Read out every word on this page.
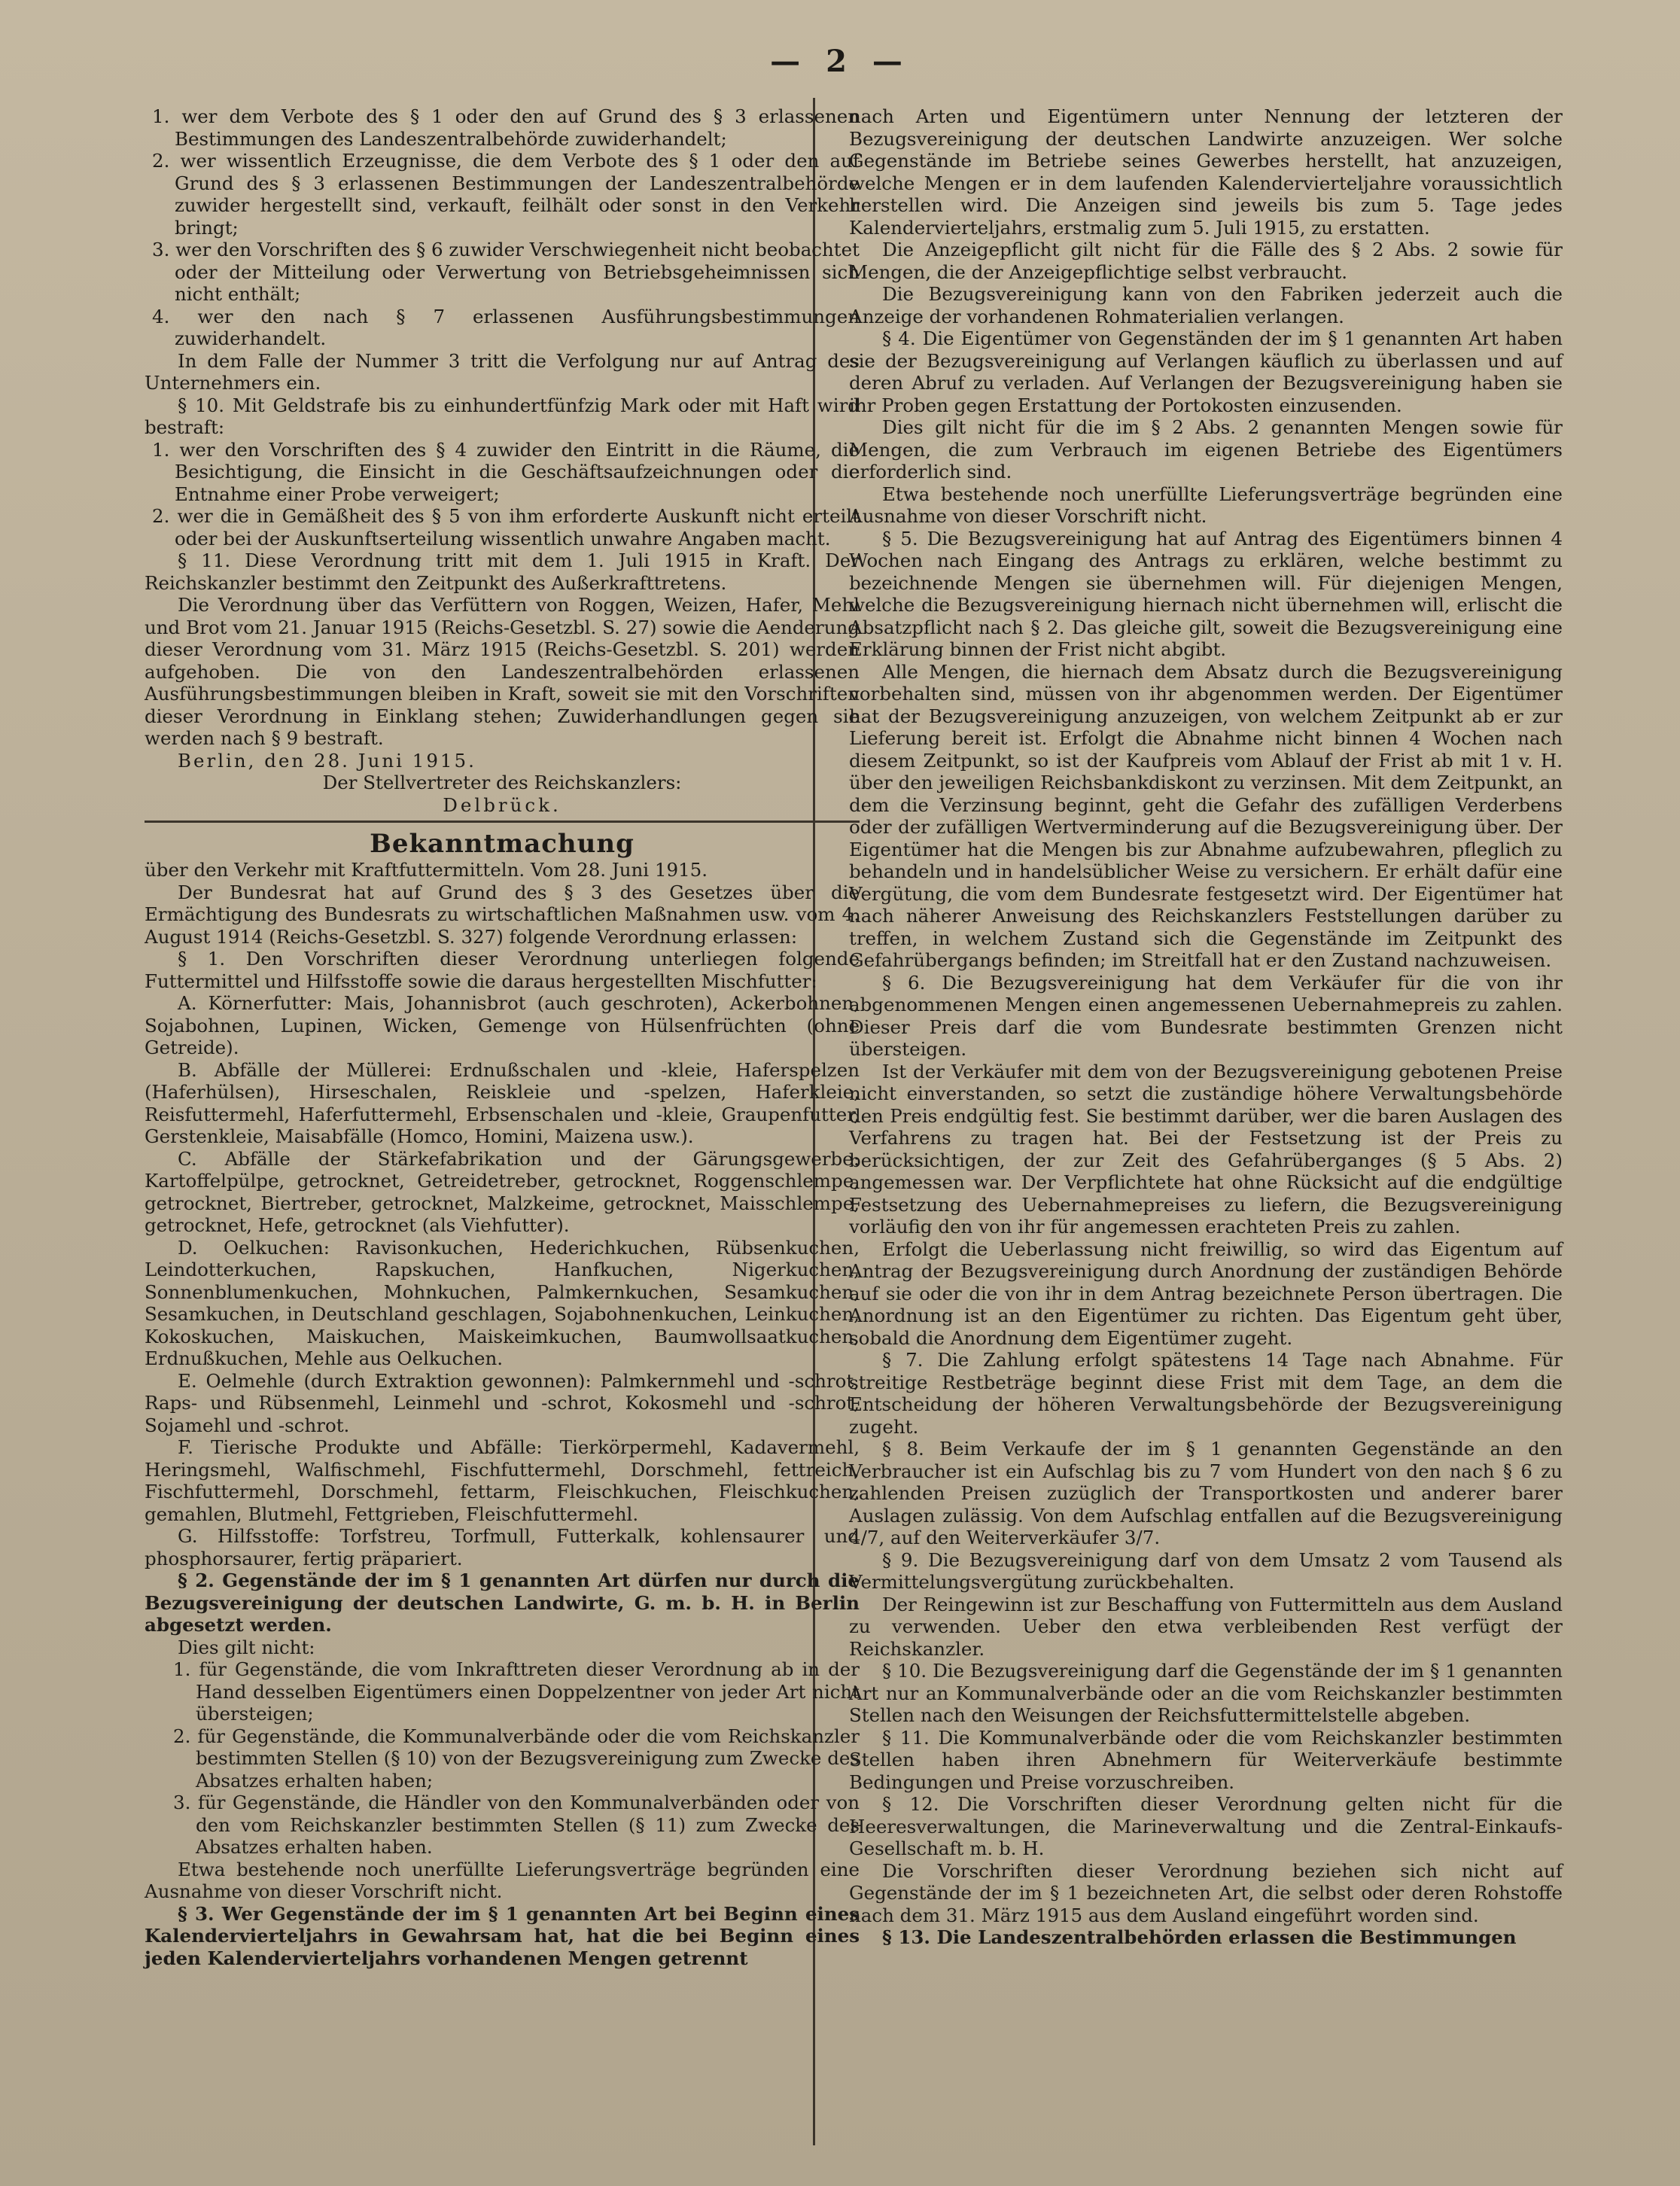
— 2 —

1. wer dem Verbote des § 1 oder den auf Grund des § 3 erlassenen Bestimmungen des Landeszentralbehörde zuwiderhandelt;

2. wer wissentlich Erzeugnisse, die dem Verbote des § 1 oder den auf Grund des § 3 erlassenen Bestimmungen der Landeszentralbehörde zuwider hergestellt sind, verkauft, feilhält oder sonst in den Verkehr bringt;

3. wer den Vorschriften des § 6 zuwider Verschwiegenheit nicht beobachtet oder der Mitteilung oder Verwertung von Betriebsgeheimnissen sich nicht enthält;

4. wer den nach § 7 erlassenen Ausführungsbestimmungen zuwiderhandelt.

In dem Falle der Nummer 3 tritt die Verfolgung nur auf Antrag des Unternehmers ein.

§ 10. Mit Geldstrafe bis zu einhundertfünfzig Mark oder mit Haft wird bestraft:

1. wer den Vorschriften des § 4 zuwider den Eintritt in die Räume, die Besichtigung, die Einsicht in die Geschäftsaufzeichnungen oder die Entnahme einer Probe verweigert;

2. wer die in Gemäßheit des § 5 von ihm erforderte Auskunft nicht erteilt oder bei der Auskunftserteilung wissentlich unwahre Angaben macht.

§ 11. Diese Verordnung tritt mit dem 1. Juli 1915 in Kraft. Der Reichskanzler bestimmt den Zeitpunkt des Außerkrafttretens.

Die Verordnung über das Verfüttern von Roggen, Weizen, Hafer, Mehl und Brot vom 21. Januar 1915 (Reichs-Gesetzbl. S. 27) sowie die Aenderung dieser Verordnung vom 31. März 1915 (Reichs-Gesetzbl. S. 201) werden aufgehoben. Die von den Landeszentralbehörden erlassenen Ausführungsbestimmungen bleiben in Kraft, soweit sie mit den Vorschriften dieser Verordnung in Einklang stehen; Zuwiderhandlungen gegen sie werden nach § 9 bestraft.

Berlin, den 28. Juni 1915.

Der Stellvertreter des Reichskanzlers:

Delbrück.

Bekanntmachung

über den Verkehr mit Kraftfuttermitteln. Vom 28. Juni 1915.

Der Bundesrat hat auf Grund des § 3 des Gesetzes über die Ermächtigung des Bundesrats zu wirtschaftlichen Maßnahmen usw. vom 4. August 1914 (Reichs-Gesetzbl. S. 327) folgende Verordnung erlassen:

§ 1. Den Vorschriften dieser Verordnung unterliegen folgende Futtermittel und Hilfsstoffe sowie die daraus hergestellten Mischfutter:

A. Körnerfutter: Mais, Johannisbrot (auch geschroten), Ackerbohnen, Sojabohnen, Lupinen, Wicken, Gemenge von Hülsenfrüchten (ohne Getreide).

B. Abfälle der Müllerei: Erdnußschalen und -kleie, Haferspelzen (Haferhülsen), Hirseschalen, Reiskleie und -spelzen, Haferkleie, Reisfuttermehl, Haferfuttermehl, Erbsenschalen und -kleie, Graupenfutter, Gerstenkleie, Maisabfälle (Homco, Homini, Maizena usw.).

C. Abfälle der Stärkefabrikation und der Gärungsgewerbe: Kartoffelpülpe, getrocknet, Getreidetreber, getrocknet, Roggenschlempe, getrocknet, Biertreber, getrocknet, Malzkeime, getrocknet, Maisschlempe, getrocknet, Hefe, getrocknet (als Viehfutter).

D. Oelkuchen: Ravisonkuchen, Hederichkuchen, Rübsenkuchen, Leindotterkuchen, Rapskuchen, Hanfkuchen, Nigerkuchen, Sonnenblumenkuchen, Mohnkuchen, Palmkernkuchen, Sesamkuchen, Sesamkuchen, in Deutschland geschlagen, Sojabohnenkuchen, Leinkuchen, Kokoskuchen, Maiskuchen, Maiskeimkuchen, Baumwollsaatkuchen, Erdnußkuchen, Mehle aus Oelkuchen.

E. Oelmehle (durch Extraktion gewonnen): Palmkernmehl und -schrot, Raps- und Rübsenmehl, Leinmehl und -schrot, Kokosmehl und -schrot, Sojamehl und -schrot.

F. Tierische Produkte und Abfälle: Tierkörpermehl, Kadavermehl, Heringsmehl, Walfischmehl, Fischfuttermehl, Dorschmehl, fettreich, Fischfuttermehl, Dorschmehl, fettarm, Fleischkuchen, Fleischkuchen, gemahlen, Blutmehl, Fettgrieben, Fleischfuttermehl.

G. Hilfsstoffe: Torfstreu, Torfmull, Futterkalk, kohlensaurer und phosphorsaurer, fertig präpariert.

§ 2. Gegenstände der im § 1 genannten Art dürfen nur durch die Bezugsvereinigung der deutschen Landwirte, G. m. b. H. in Berlin abgesetzt werden.

Dies gilt nicht:

1. für Gegenstände, die vom Inkrafttreten dieser Verordnung ab in der Hand desselben Eigentümers einen Doppelzentner von jeder Art nicht übersteigen;

2. für Gegenstände, die Kommunalverbände oder die vom Reichskanzler bestimmten Stellen (§ 10) von der Bezugsvereinigung zum Zwecke des Absatzes erhalten haben;

3. für Gegenstände, die Händler von den Kommunalverbänden oder von den vom Reichskanzler bestimmten Stellen (§ 11) zum Zwecke des Absatzes erhalten haben.

Etwa bestehende noch unerfüllte Lieferungsverträge begründen eine Ausnahme von dieser Vorschrift nicht.

§ 3. Wer Gegenstände der im § 1 genannten Art bei Beginn eines Kalendervierteljahrs in Gewahrsam hat, hat die bei Beginn eines jeden Kalendervierteljahrs vorhandenen Mengen getrennt

nach Arten und Eigentümern unter Nennung der letzteren der Bezugsvereinigung der deutschen Landwirte anzuzeigen. Wer solche Gegenstände im Betriebe seines Gewerbes herstellt, hat anzuzeigen, welche Mengen er in dem laufenden Kalendervierteljahre voraussichtlich herstellen wird. Die Anzeigen sind jeweils bis zum 5. Tage jedes Kalendervierteljahrs, erstmalig zum 5. Juli 1915, zu erstatten.

Die Anzeigepflicht gilt nicht für die Fälle des § 2 Abs. 2 sowie für Mengen, die der Anzeigepflichtige selbst verbraucht.

Die Bezugsvereinigung kann von den Fabriken jederzeit auch die Anzeige der vorhandenen Rohmaterialien verlangen.

§ 4. Die Eigentümer von Gegenständen der im § 1 genannten Art haben sie der Bezugsvereinigung auf Verlangen käuflich zu überlassen und auf deren Abruf zu verladen. Auf Verlangen der Bezugsvereinigung haben sie ihr Proben gegen Erstattung der Portokosten einzusenden.

Dies gilt nicht für die im § 2 Abs. 2 genannten Mengen sowie für Mengen, die zum Verbrauch im eigenen Betriebe des Eigentümers erforderlich sind.

Etwa bestehende noch unerfüllte Lieferungsverträge begründen eine Ausnahme von dieser Vorschrift nicht.

§ 5. Die Bezugsvereinigung hat auf Antrag des Eigentümers binnen 4 Wochen nach Eingang des Antrags zu erklären, welche bestimmt zu bezeichnende Mengen sie übernehmen will. Für diejenigen Mengen, welche die Bezugsvereinigung hiernach nicht übernehmen will, erlischt die Absatzpflicht nach § 2. Das gleiche gilt, soweit die Bezugsvereinigung eine Erklärung binnen der Frist nicht abgibt.

Alle Mengen, die hiernach dem Absatz durch die Bezugsvereinigung vorbehalten sind, müssen von ihr abgenommen werden. Der Eigentümer hat der Bezugsvereinigung anzuzeigen, von welchem Zeitpunkt ab er zur Lieferung bereit ist. Erfolgt die Abnahme nicht binnen 4 Wochen nach diesem Zeitpunkt, so ist der Kaufpreis vom Ablauf der Frist ab mit 1 v. H. über den jeweiligen Reichsbankdiskont zu verzinsen. Mit dem Zeitpunkt, an dem die Verzinsung beginnt, geht die Gefahr des zufälligen Verderbens oder der zufälligen Wertverminderung auf die Bezugsvereinigung über. Der Eigentümer hat die Mengen bis zur Abnahme aufzubewahren, pfleglich zu behandeln und in handelsüblicher Weise zu versichern. Er erhält dafür eine Vergütung, die vom dem Bundesrate festgesetzt wird. Der Eigentümer hat nach näherer Anweisung des Reichskanzlers Feststellungen darüber zu treffen, in welchem Zustand sich die Gegenstände im Zeitpunkt des Gefahrübergangs befinden; im Streitfall hat er den Zustand nachzuweisen.

§ 6. Die Bezugsvereinigung hat dem Verkäufer für die von ihr abgenommenen Mengen einen angemessenen Uebernahmepreis zu zahlen. Dieser Preis darf die vom Bundesrate bestimmten Grenzen nicht übersteigen.

Ist der Verkäufer mit dem von der Bezugsvereinigung gebotenen Preise nicht einverstanden, so setzt die zuständige höhere Verwaltungsbehörde den Preis endgültig fest. Sie bestimmt darüber, wer die baren Auslagen des Verfahrens zu tragen hat. Bei der Festsetzung ist der Preis zu berücksichtigen, der zur Zeit des Gefahrüberganges (§ 5 Abs. 2) angemessen war. Der Verpflichtete hat ohne Rücksicht auf die endgültige Festsetzung des Uebernahmepreises zu liefern, die Bezugsvereinigung vorläufig den von ihr für angemessen erachteten Preis zu zahlen.

Erfolgt die Ueberlassung nicht freiwillig, so wird das Eigentum auf Antrag der Bezugsvereinigung durch Anordnung der zuständigen Behörde auf sie oder die von ihr in dem Antrag bezeichnete Person übertragen. Die Anordnung ist an den Eigentümer zu richten. Das Eigentum geht über, sobald die Anordnung dem Eigentümer zugeht.

§ 7. Die Zahlung erfolgt spätestens 14 Tage nach Abnahme. Für streitige Restbeträge beginnt diese Frist mit dem Tage, an dem die Entscheidung der höheren Verwaltungsbehörde der Bezugsvereinigung zugeht.

§ 8. Beim Verkaufe der im § 1 genannten Gegenstände an den Verbraucher ist ein Aufschlag bis zu 7 vom Hundert von den nach § 6 zu zahlenden Preisen zuzüglich der Transportkosten und anderer barer Auslagen zulässig. Von dem Aufschlag entfallen auf die Bezugsvereinigung 4/7, auf den Weiterverkäufer 3/7.

§ 9. Die Bezugsvereinigung darf von dem Umsatz 2 vom Tausend als Vermittelungsvergütung zurückbehalten.

Der Reingewinn ist zur Beschaffung von Futtermitteln aus dem Ausland zu verwenden. Ueber den etwa verbleibenden Rest verfügt der Reichskanzler.

§ 10. Die Bezugsvereinigung darf die Gegenstände der im § 1 genannten Art nur an Kommunalverbände oder an die vom Reichskanzler bestimmten Stellen nach den Weisungen der Reichsfuttermittelstelle abgeben.

§ 11. Die Kommunalverbände oder die vom Reichskanzler bestimmten Stellen haben ihren Abnehmern für Weiterverkäufe bestimmte Bedingungen und Preise vorzuschreiben.

§ 12. Die Vorschriften dieser Verordnung gelten nicht für die Heeresverwaltungen, die Marineverwaltung und die Zentral-Einkaufs-Gesellschaft m. b. H.

Die Vorschriften dieser Verordnung beziehen sich nicht auf Gegenstände der im § 1 bezeichneten Art, die selbst oder deren Rohstoffe nach dem 31. März 1915 aus dem Ausland eingeführt worden sind.

§ 13. Die Landeszentralbehörden erlassen die Bestimmungen
